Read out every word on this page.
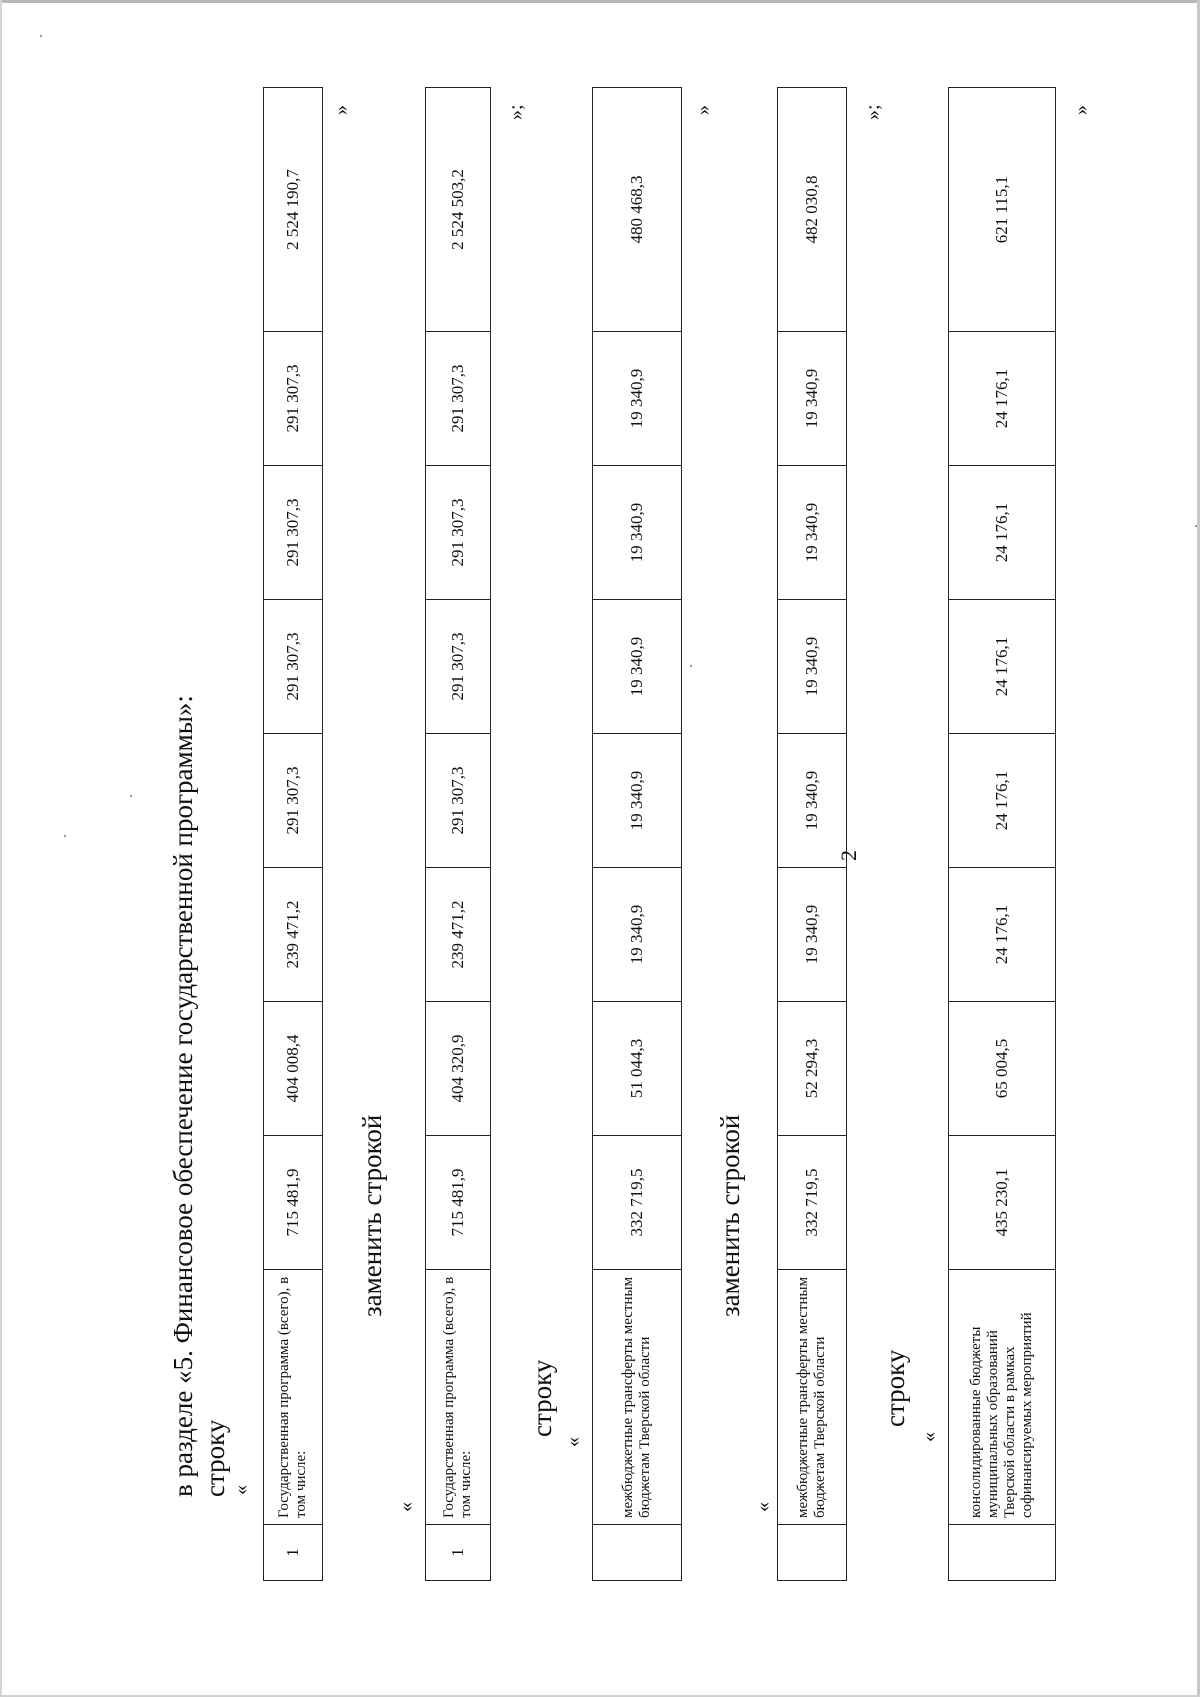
2
в разделе «5. Финансовое обеспечение государственной программы»: строку «
1	Государственная программа (всего), в том числе:	715 481,9	404 008,4	239 471,2	291 307,3	291 307,3	291 307,3	291 307,3	2 524 190,7
»
заменить строкой
«
1	Государственная программа (всего), в том числе:	715 481,9	404 320,9	239 471,2	291 307,3	291 307,3	291 307,3	291 307,3	2 524 503,2
»;
строку
«
	межбюджетные трансферты местным бюджетам Тверской области	332 719,5	51 044,3	19 340,9	19 340,9	19 340,9	19 340,9	19 340,9	480 468,3
»
заменить строкой
«
	межбюджетные трансферты местным бюджетам Тверской области	332 719,5	52 294,3	19 340,9	19 340,9	19 340,9	19 340,9	19 340,9	482 030,8
»;
строку
«
	консолидированные бюджеты муниципальных образований Тверской области в рамках софинансируемых мероприятий	435 230,1	65 004,5	24 176,1	24 176,1	24 176,1	24 176,1	24 176,1	621 115,1
»
